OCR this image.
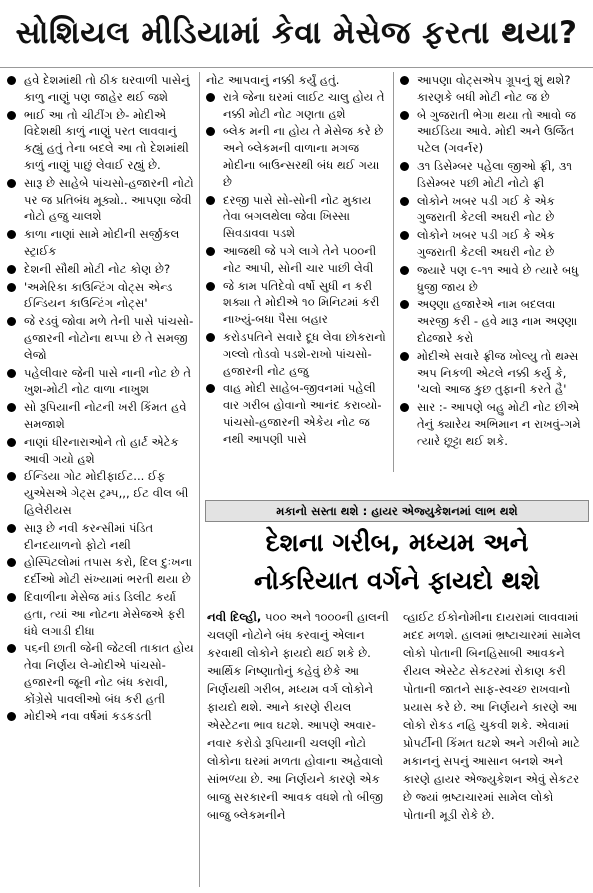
સોશિયલ મીડિયામાં કેવા મેસેજ ફરતા થયા?
હવે દેશમાંથી તો ઠીક ઘરવાળી પાસેનું કાળુ નાણું પણ જાહેર થઈ જશે
ભાઈ આ તો ચીટીંગ છે- મોદીએ વિદેશથી કાળું નાણું પરત લાવવાનું કહ્યું હતું તેના બદલે આ તો દેશમાંથી કાળું નાણું પાછું લેવાઈ રહ્યું છે.
સારૂ છે સાહેબે પાંચસો-હજારની નોટો પર જ પ્રતિબંધ મૂક્યો.. આપણા જેવી નોટો હજુ ચાલશે
કાળા નાણાં સામે મોદીની સર્જીકલ સ્ટ્રાઈક
દેશની સૌથી મોટી નોટ કોણ છે?
'અમેરિકા કાઉન્ટિંગ વોટ્સ એન્ડ ઈન્ડિયન કાઉન્ટિંગ નોટ્સ'
જે રડવું જોવા મળે તેની પાસે પાંચસો-હજારની નોટોના થપ્પા છે તે સમજી લેજો
પહેલીવાર જેની પાસે નાની નોટ છે તે ખુશ-મોટી નોટ વાળા નાખુશ
સો રૂપિયાની નોટની ખરી કિંમત હવે સમજાશે
નાણાં ધીરનારાઓને તો હાર્ટ એટેક આવી ગયો હશે
ઈન્ડિયા ગોટ મોદીફાઈટ... ઈફ યુએસએ ગેટ્સ ટ્રમ્પ,,, ઈટ વીલ બી હિલેરીયસ
સારૂ છે નવી કરન્સીમાં પંડિત દીનદયાળનો ફોટો નથી
હોસ્પિટલોમાં તપાસ કરો, દિલ દુઃખના દર્દીઓ મોટી સંખ્યામાં ભરતી થયા છે
દિવાળીના મેસેજ માંડ ડિલીટ કર્યા હતા, ત્યાં આ નોટના મેસેજએ ફરી ધંધે લગાડી દીધા
પ૬ની છાતી જેની જેટલી તાકાત હોય તેવા નિર્ણય લે-મોદીએ પાંચસો-હજારની જૂની નોટ બંધ કરાવી, કોંગ્રેસે પાવલીઓ બંધ કરી હતી
મોદીએ નવા વર્ષમાં કડકડતી
નોટ આપવાનું નક્કી કર્યું હતું.
રાત્રે જેના ઘરમાં લાઈટ ચાલુ હોય તે નક્કી મોટી નોટ ગણતા હશે
બ્લેક મની ના હોય તે મેસેજ કરે છે અને બ્લેકમની વાળાના મગજ મોદીના બાઉન્સરથી બંધ થઈ ગયા છે
દરજી પાસે સો-સોની નોટ મુકાય તેવા બગલથેલા જેવા ખિસ્સા સિવડાવવા પડશે
આજથી જે પગે લાગે તેને ૫૦૦ની નોટ આપી, સોની ચાર પાછી લેવી
જે કામ પતિદેવો વર્ષો સુધી ન કરી શક્યા તે મોદીએ ૧૦ મિનિટમાં કરી નાખ્યું-બધા પૈસા બહાર
કરોડપતિને સવારે દૂધ લેવા છોકરાનો ગલ્લો તોડવો પડશે-રાખો પાંચસો-હજારની નોટ હજુ
વાહ મોદી સાહેબ-જીવનમાં પહેલી વાર ગરીબ હોવાનો આનંદ કરાવ્યો-પાંચસો-હજારની એકેય નોટ જ નથી આપણી પાસે
આપણા વોટ્સએપ ગ્રૂપનું શું થશે? કારણકે બધી મોટી નોટ જ છે
બે ગુજરાતી ભેગા થયા તો આવો જ આઈડિયા આવે. મોદી અને ઉર્જિત પટેલ (ગવર્નર)
૩૧ ડિસેમ્બર પહેલા જીઓ ફ્રી, ૩૧ ડિસેમ્બર પછી મોટી નોટો ફ્રી
લોકોને ખબર પડી ગઈ કે એક ગુજરાતી કેટલી અઘરી નોટ છે
લોકોને ખબર પડી ગઈ કે એક ગુજરાતી કેટલી અઘરી નોટ છે
જ્યારે પણ ૯-૧૧ આવે છે ત્યારે બધુ ધ્રુજી જાય છે
અણ્ણા હજારેએ નામ બદલવા અરજી કરી - હવે મારૂ નામ અણ્ણા દોઢજારે કરો
મોદીએ સવારે ફ્રીજ ખોલ્યુ તો થમ્સ અપ નિકળી એટલે નક્કી કર્યુ કે, 'ચલો આજ કુછ તુફાની કરતે હૈ'
સાર :- આપણે બહુ મોટી નોટ છીએ તેનું ક્યારેય અભિમાન ન રાખવું-ગમે ત્યારે છૂટ્ટા થઈ શકે.
મકાનો સસ્તા થશે : હાયર એજ્યુકેશનમાં લાભ થશે
દેશના ગરીબ, મધ્યમ અને
નોકરિયાત વર્ગને ફાયદો થશે
નવી દિલ્હી, ૫૦૦ અને ૧૦૦૦ની હાલની ચલણી નોટોને બંધ કરવાનું એલાન કરવાથી લોકોને ફાયદો થઈ શકે છે. આર્થિક નિષ્ણાતોનું કહેવું છેકે આ નિર્ણયથી ગરીબ, મધ્યમ વર્ગ લોકોને ફાયદો થશે. આને કારણે રીયલ એસ્ટેટના ભાવ ઘટશે. આપણે અવાર-નવાર કરોડો રૂપિયાની ચલણી નોટો લોકોના ઘરમાં મળતા હોવાના અહેવાલો સાંભળ્યા છે. આ નિર્ણયને કારણે એક બાજુ સરકારની આવક વધશે તો બીજી બાજુ બ્લેકમનીને
વ્હાઈટ ઈકોનોમીના દાયરામાં લાવવામાં મદદ મળશે. હાલમાં ભ્રષ્ટાચારમાં સામેલ લોકો પોતાની બિનહિસાબી આવકને રીયલ એસ્ટેટ સેકટરમાં રોકાણ કરી પોતાની જાતને સાફ-સ્વચ્છ રાખવાનો પ્રયાસ કરે છે. આ નિર્ણયને કારણે આ લોકો રોકડ નહિ ચુકવી શકે. એવામાં પ્રોપર્ટીની કિંમત ઘટશે અને ગરીબો માટે મકાનનું સપનું આસાન બનશે અને કારણે હાયર એજ્યુકેશન એવું સેકટર છે જ્યાં ભ્રષ્ટાચારમાં સામેલ લોકો પોતાની મૂડી રોકે છે.
